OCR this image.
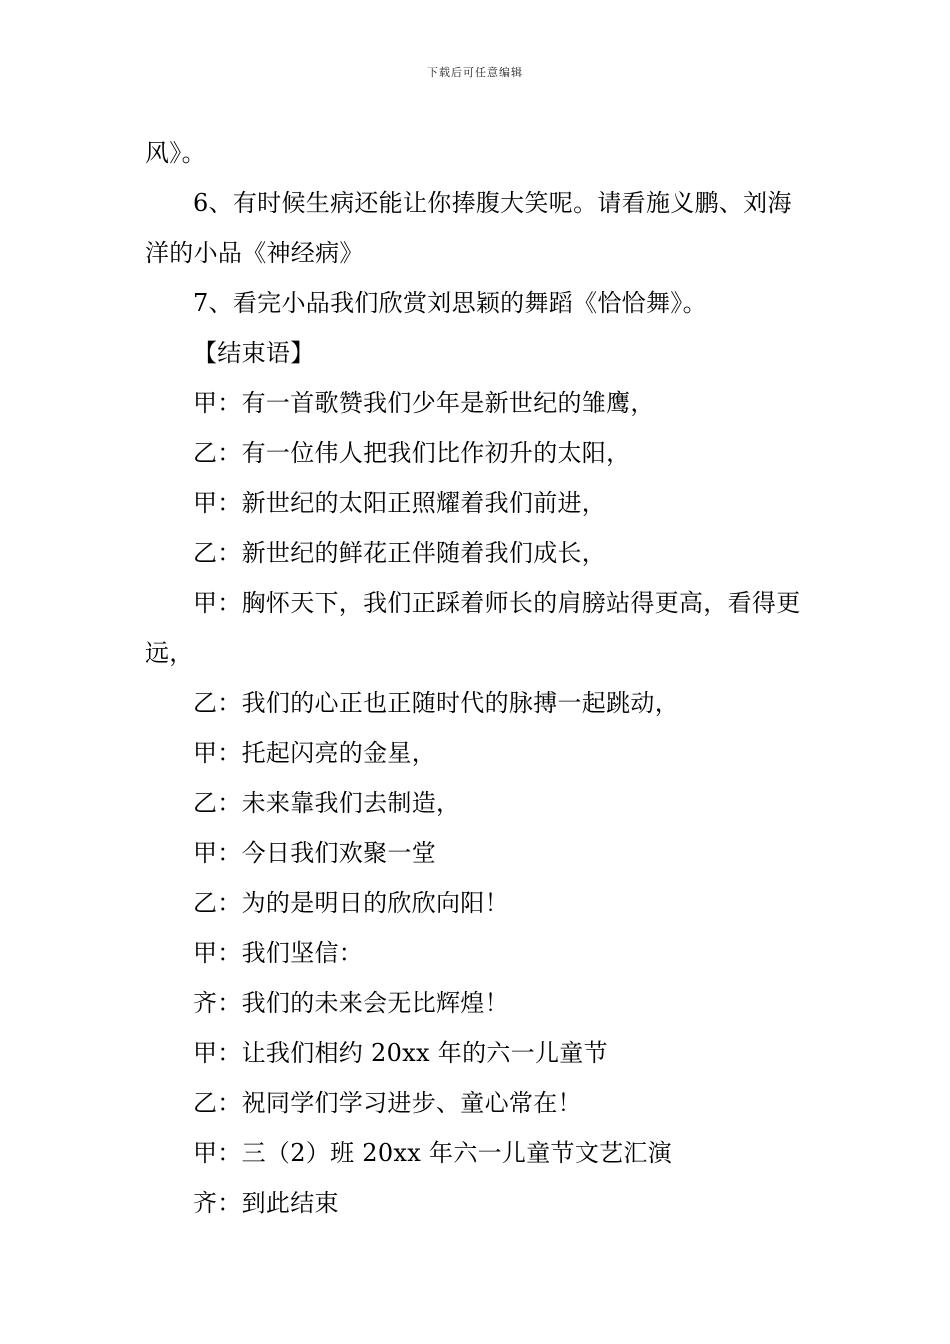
下载后可任意编辑

风》。

6、有时候生病还能让你捧腹大笑呢。请看施义鹏、刘海洋的小品《神经病》

7、看完小品我们欣赏刘思颖的舞蹈《恰恰舞》。

【结束语】

甲：有一首歌赞我们少年是新世纪的雏鹰，

乙：有一位伟人把我们比作初升的太阳，

甲：新世纪的太阳正照耀着我们前进，

乙：新世纪的鲜花正伴随着我们成长，

甲：胸怀天下，我们正踩着师长的肩膀站得更高，看得更远，

乙：我们的心正也正随时代的脉搏一起跳动，

甲：托起闪亮的金星，

乙：未来靠我们去制造，

甲：今日我们欢聚一堂

乙：为的是明日的欣欣向阳！

甲：我们坚信：

齐：我们的未来会无比辉煌！

甲：让我们相约 20xx 年的六一儿童节

乙：祝同学们学习进步、童心常在！

甲：三（2）班 20xx 年六一儿童节文艺汇演

齐：到此结束
